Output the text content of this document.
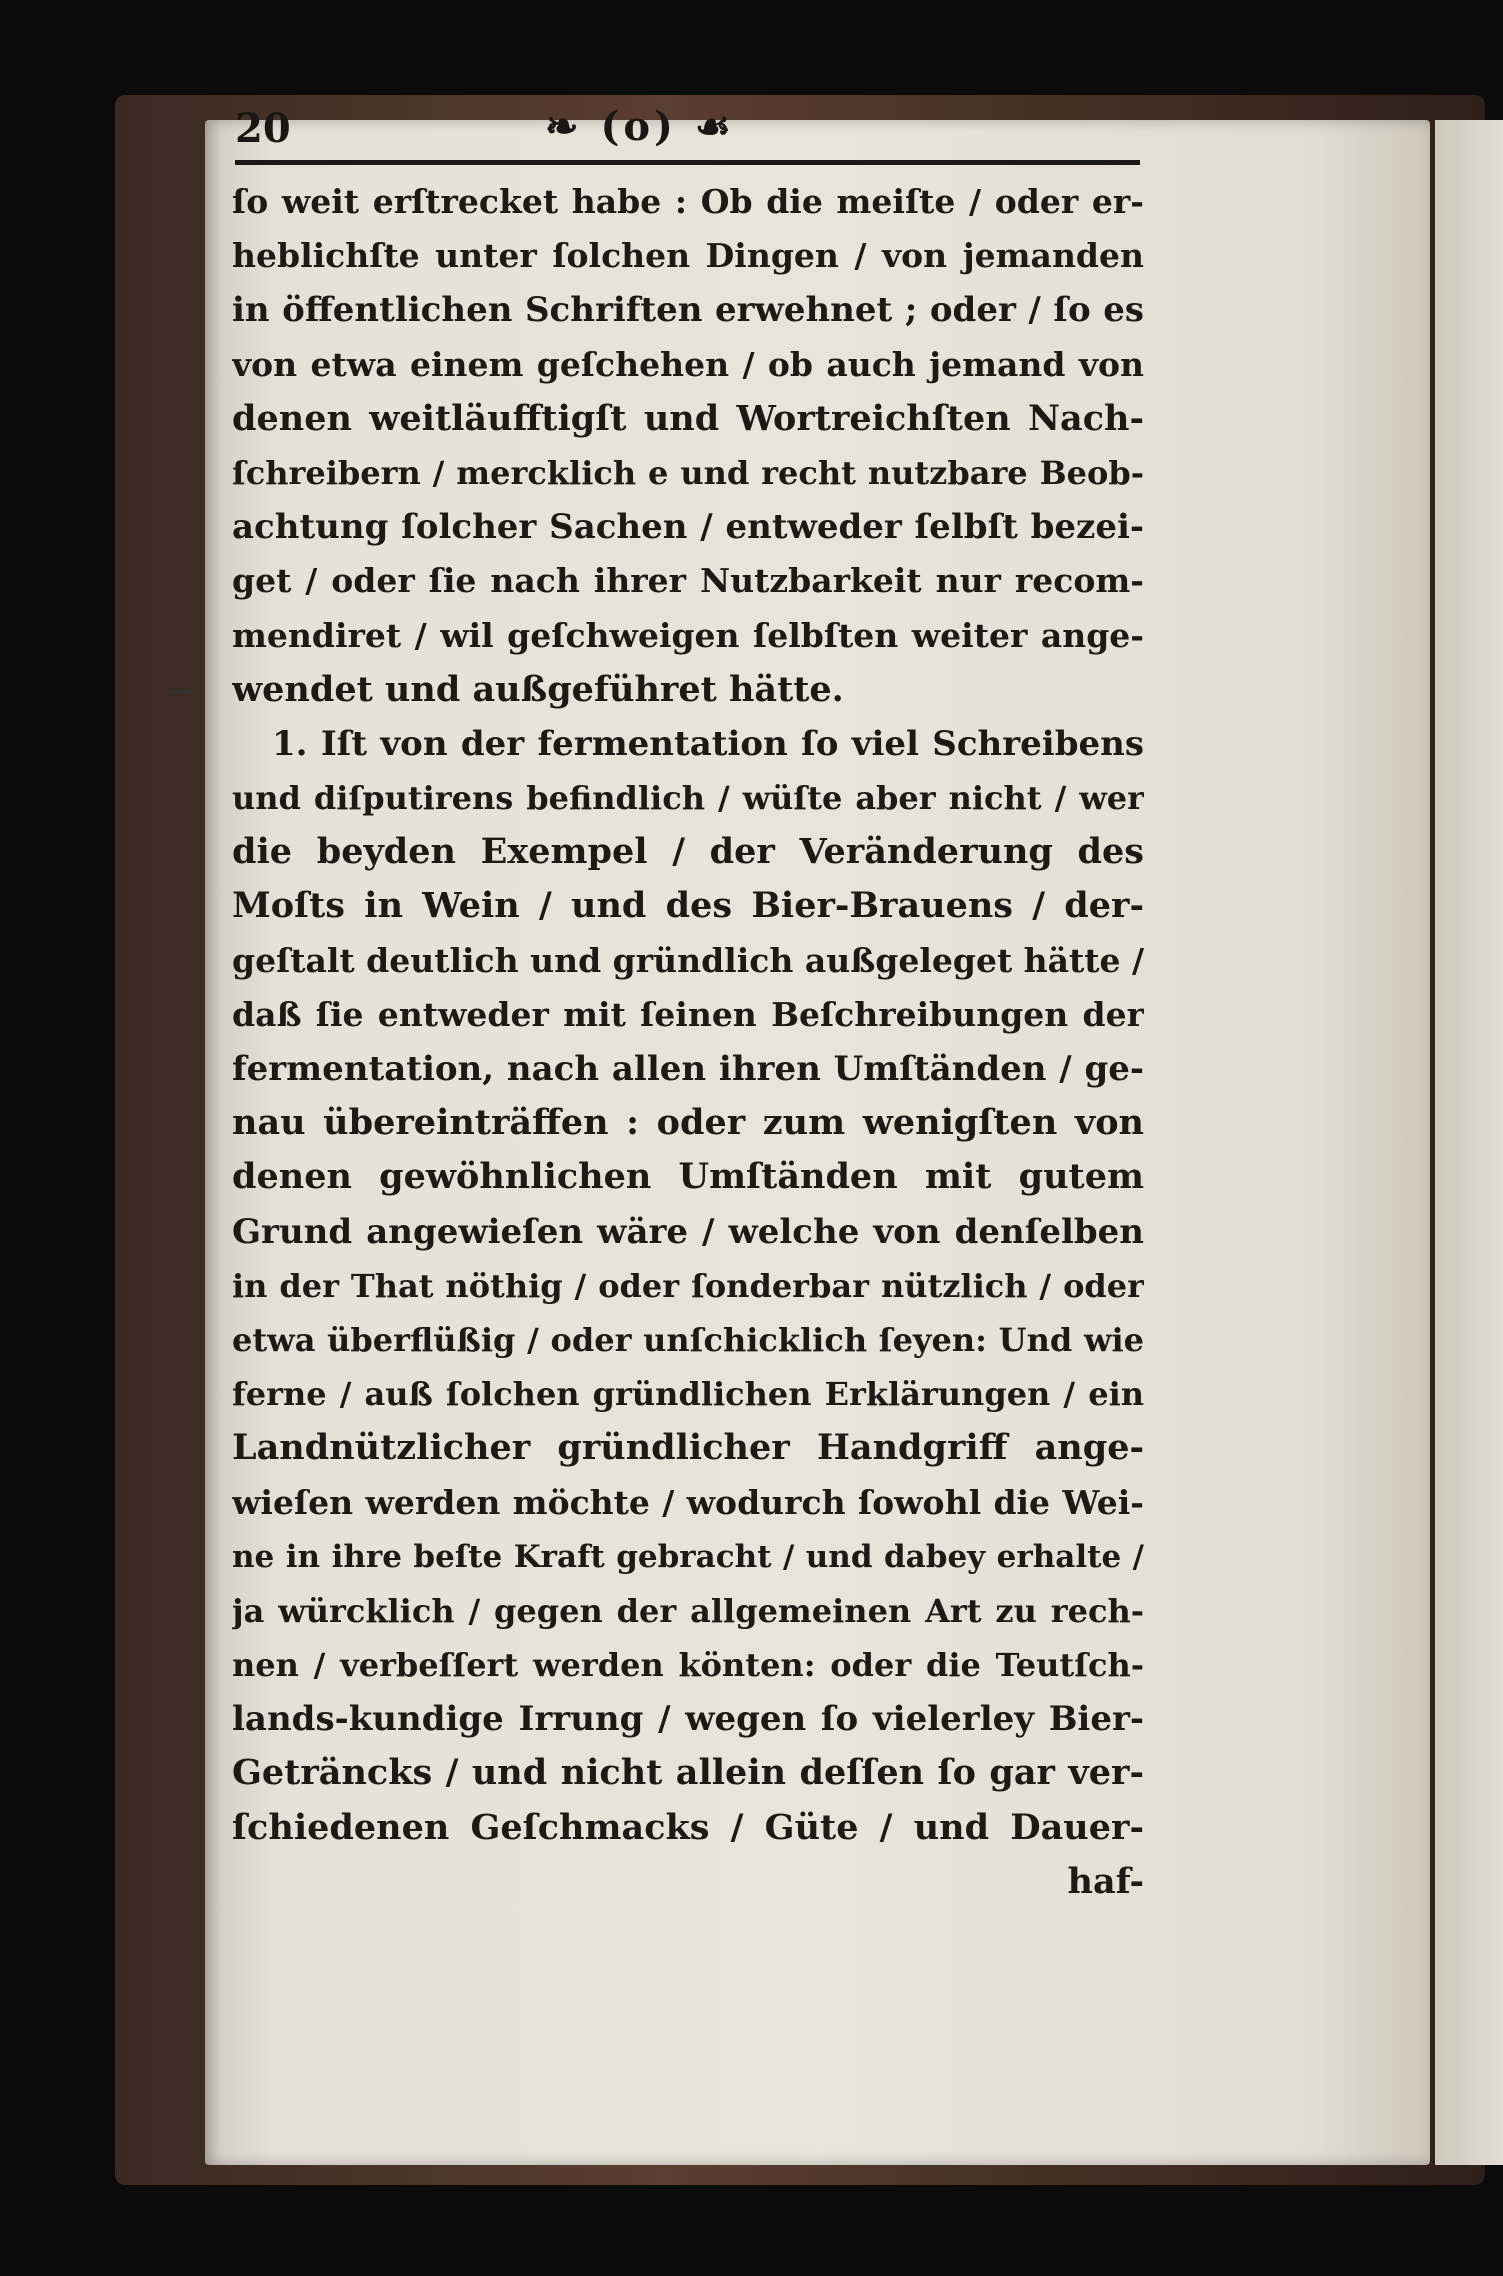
20	❧ (o) ☙
ſo weit erſtrecket habe : Ob die meiſte / oder er-
heblichſte unter ſolchen Dingen / von jemanden
in öffentlichen Schriften erwehnet ; oder / ſo es
von etwa einem geſchehen / ob auch jemand von
denen weitläufftigſt und Wortreichſten Nach-
ſchreibern / mercklich e und recht nutzbare Beob-
achtung ſolcher Sachen / entweder ſelbſt bezei-
get / oder ſie nach ihrer Nutzbarkeit nur recom-
mendiret / wil geſchweigen ſelbſten weiter ange-
wendet und außgeführet hätte.
1. Iſt von der fermentation ſo viel Schreibens
und diſputirens befindlich / wüſte aber nicht / wer
die beyden Exempel / der Veränderung des
Moſts in Wein / und des Bier-Brauens / der-
geſtalt deutlich und gründlich außgeleget hätte /
daß ſie entweder mit ſeinen Beſchreibungen der
fermentation, nach allen ihren Umſtänden / ge-
nau übereinträffen : oder zum wenigſten von
denen gewöhnlichen Umſtänden mit gutem
Grund angewieſen wäre / welche von denſelben
in der That nöthig / oder ſonderbar nützlich / oder
etwa überflüßig / oder unſchicklich ſeyen: Und wie
ferne / auß ſolchen gründlichen Erklärungen / ein
Landnützlicher gründlicher Handgriff ange-
wieſen werden möchte / wodurch ſowohl die Wei-
ne in ihre beſte Kraft gebracht / und dabey erhalte /
ja würcklich / gegen der allgemeinen Art zu rech-
nen / verbeſſert werden könten: oder die Teutſch-
lands-kundige Irrung / wegen ſo vielerley Bier-
Geträncks / und nicht allein deſſen ſo gar ver-
ſchiedenen Geſchmacks / Güte / und Dauer-
haf-
